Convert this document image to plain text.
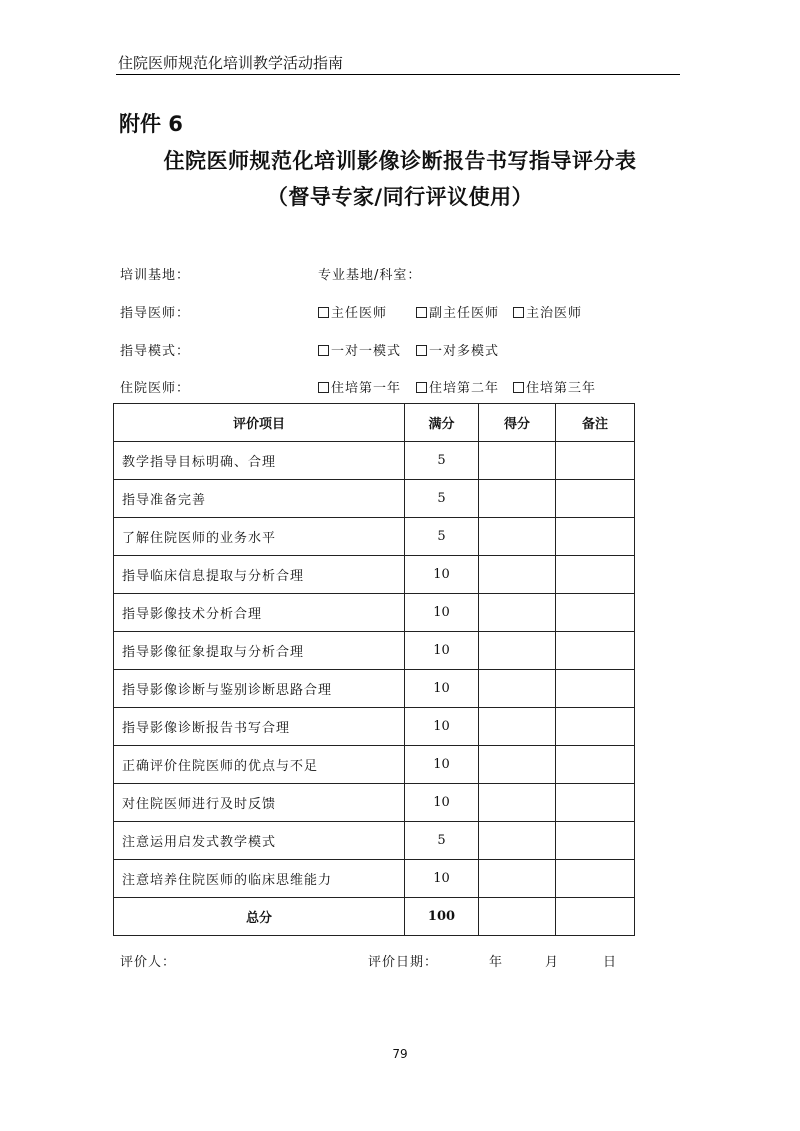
住院医师规范化培训教学活动指南
附件 6
住院医师规范化培训影像诊断报告书写指导评分表
（督导专家/同行评议使用）
培训基地：	专业基地/科室：
指导医师：	主任医师	副主任医师	主治医师
指导模式：	一对一模式	一对多模式
住院医师：	住培第一年	住培第二年	住培第三年
评价项目	满分	得分	备注
教学指导目标明确、合理	5		
指导准备完善	5		
了解住院医师的业务水平	5		
指导临床信息提取与分析合理	10		
指导影像技术分析合理	10		
指导影像征象提取与分析合理	10		
指导影像诊断与鉴别诊断思路合理	10		
指导影像诊断报告书写合理	10		
正确评价住院医师的优点与不足	10		
对住院医师进行及时反馈	10		
注意运用启发式教学模式	5		
注意培养住院医师的临床思维能力	10		
总分	100		
评价人：	评价日期：	年	月	日
79
